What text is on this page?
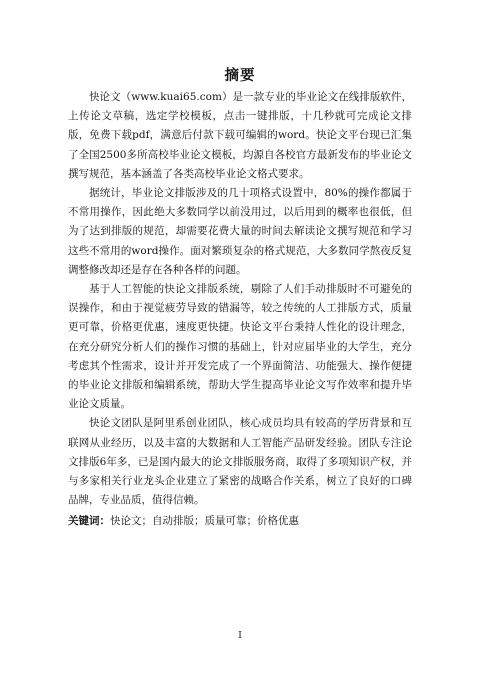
摘要

快论文（www.kuai65.com）是一款专业的毕业论文在线排版软件，上传论文草稿，选定学校模板，点击一键排版，十几秒就可完成论文排版，免费下载pdf，满意后付款下载可编辑的word。快论文平台现已汇集了全国2500多所高校毕业论文模板，均源自各校官方最新发布的毕业论文撰写规范，基本涵盖了各类高校毕业论文格式要求。

据统计，毕业论文排版涉及的几十项格式设置中，80%的操作都属于不常用操作，因此绝大多数同学以前没用过，以后用到的概率也很低，但为了达到排版的规范，却需要花费大量的时间去解读论文撰写规范和学习这些不常用的word操作。面对繁琐复杂的格式规范，大多数同学熬夜反复调整修改却还是存在各种各样的问题。

基于人工智能的快论文排版系统，剔除了人们手动排版时不可避免的误操作，和由于视觉疲劳导致的错漏等，较之传统的人工排版方式，质量更可靠，价格更优惠，速度更快捷。快论文平台秉持人性化的设计理念，在充分研究分析人们的操作习惯的基础上，针对应届毕业的大学生，充分考虑其个性需求，设计并开发完成了一个界面简洁、功能强大、操作便捷的毕业论文排版和编辑系统，帮助大学生提高毕业论文写作效率和提升毕业论文质量。

快论文团队是阿里系创业团队，核心成员均具有较高的学历背景和互联网从业经历，以及丰富的大数据和人工智能产品研发经验。团队专注论文排版6年多，已是国内最大的论文排版服务商，取得了多项知识产权，并与多家相关行业龙头企业建立了紧密的战略合作关系，树立了良好的口碑品牌，专业品质，值得信赖。

关键词：快论文；自动排版；质量可靠；价格优惠

I
